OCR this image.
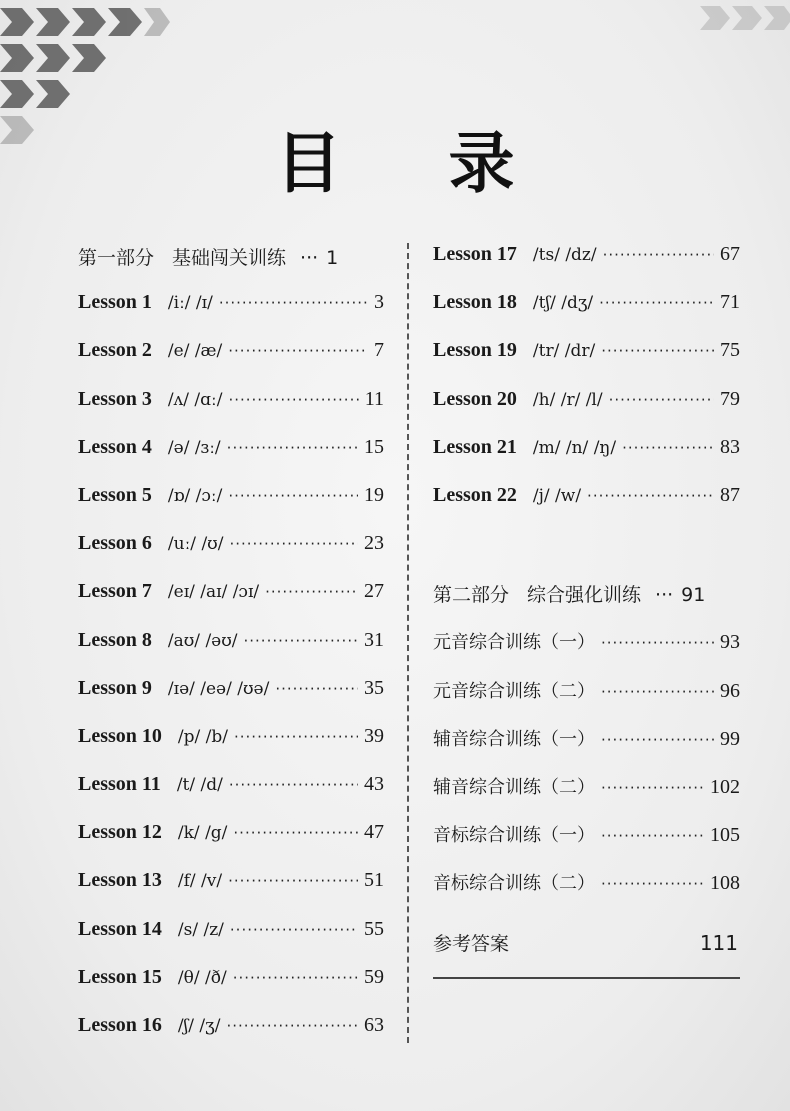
目 录
第一部分 基础闯关训练 ··· 1
Lesson 1 /iː/ /ɪ/ ·····	3
Lesson 2 /e/ /æ/ ·····	7
Lesson 3 /ʌ/ /ɑː/ ·····	11
Lesson 4 /ə/ /ɜː/ ·····	15
Lesson 5 /ɒ/ /ɔː/ ·····	19
Lesson 6 /uː/ /ʊ/ ·····	23
Lesson 7 /eɪ/ /aɪ/ /ɔɪ/ ·····	27
Lesson 8 /aʊ/ /əʊ/ ·····	31
Lesson 9 /ɪə/ /eə/ /ʊə/ ·····	35
Lesson 10 /p/ /b/ ·····	39
Lesson 11 /t/ /d/ ·····	43
Lesson 12 /k/ /g/ ·····	47
Lesson 13 /f/ /v/ ·····	51
Lesson 14 /s/ /z/ ·····	55
Lesson 15 /θ/ /ð/ ·····	59
Lesson 16 /ʃ/ /ʒ/ ·····	63
Lesson 17 /ts/ /dz/ ·····	67
Lesson 18 /tʃ/ /dʒ/ ·····	71
Lesson 19 /tr/ /dr/ ·····	75
Lesson 20 /h/ /r/ /l/ ·····	79
Lesson 21 /m/ /n/ /ŋ/ ·····	83
Lesson 22 /j/ /w/ ·····	87
第二部分 综合强化训练 ··· 91
元音综合训练（一） ·····	93
元音综合训练（二） ·····	96
辅音综合训练（一） ·····	99
辅音综合训练（二） ·····	102
音标综合训练（一） ·····	105
音标综合训练（二） ·····	108
参考答案	111
